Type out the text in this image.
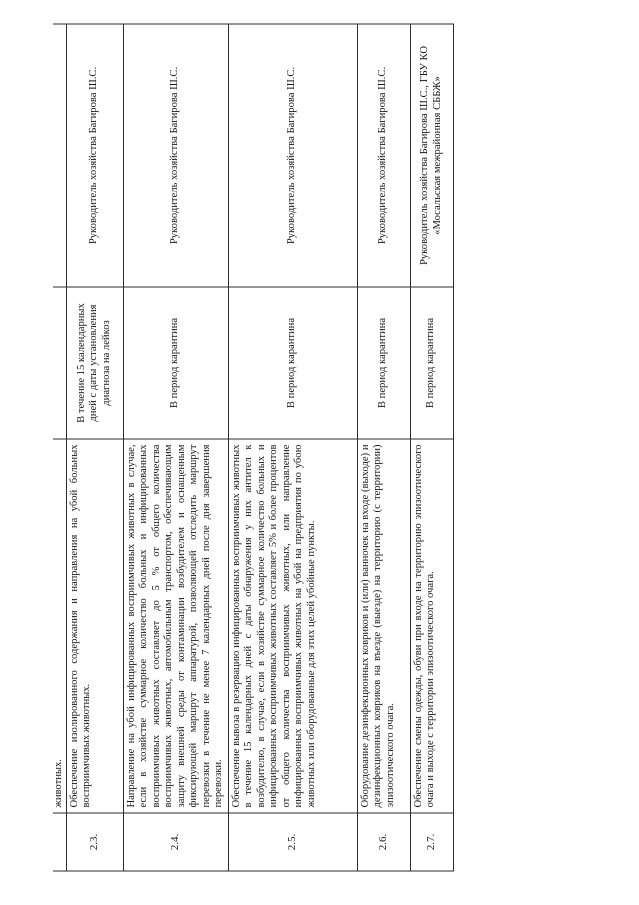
	животных.		
2.3.	Обеспечение изолированного содержания и направления на убой больных восприимчивых животных.	В течение 15 календарных дней с даты установления диагноза на лейкоз	Руководитель хозяйства Багирова Ш.С.
2.4.	Направление на убой инфицированных восприимчивых животных в случае, если в хозяйстве суммарное количество больных и инфицированных восприимчивых животных составляет до 5 % от общего количества восприимчивых животных, автомобильным транспортом, обеспечивающим защиту внешней среды от контаминации возбудителем и оснащенным фиксирующей маршрут аппаратурой, позволяющей отследить маршрут перевозки в течение не менее 7 календарных дней после дня завершения перевозки.	В период карантина	Руководитель хозяйства Багирова Ш.С.
2.5.	Обеспечение вывоза в резервацию инфицированных восприимчивых животных в течение 15 календарных дней с даты обнаружения у них антител к возбудителю, в случае, если в хозяйстве суммарное количество больных и инфицированных восприимчивых животных составляет 5% и более процентов от общего количества восприимчивых животных, или направление инфицированных восприимчивых животных на убой на предприятия по убою животных или оборудованные для этих целей убойные пункты.	В период карантина	Руководитель хозяйства Багирова Ш.С.
2.6.	Оборудование дезинфекционных ковриков и (или) ванночек на входе (выходе) и дезинфекционных ковриков на въезде (выезде) на территорию (с территории) эпизоотического очага.	В период карантина	Руководитель хозяйства Багирова Ш.С.
2.7.	Обеспечение смены одежды, обуви при входе на территорию эпизоотического очага и выходе с территории эпизоотического очага.	В период карантина	Руководитель хозяйства Багирова Ш.С., ГБУ КО «Мосальская межрайонная СББЖ»
